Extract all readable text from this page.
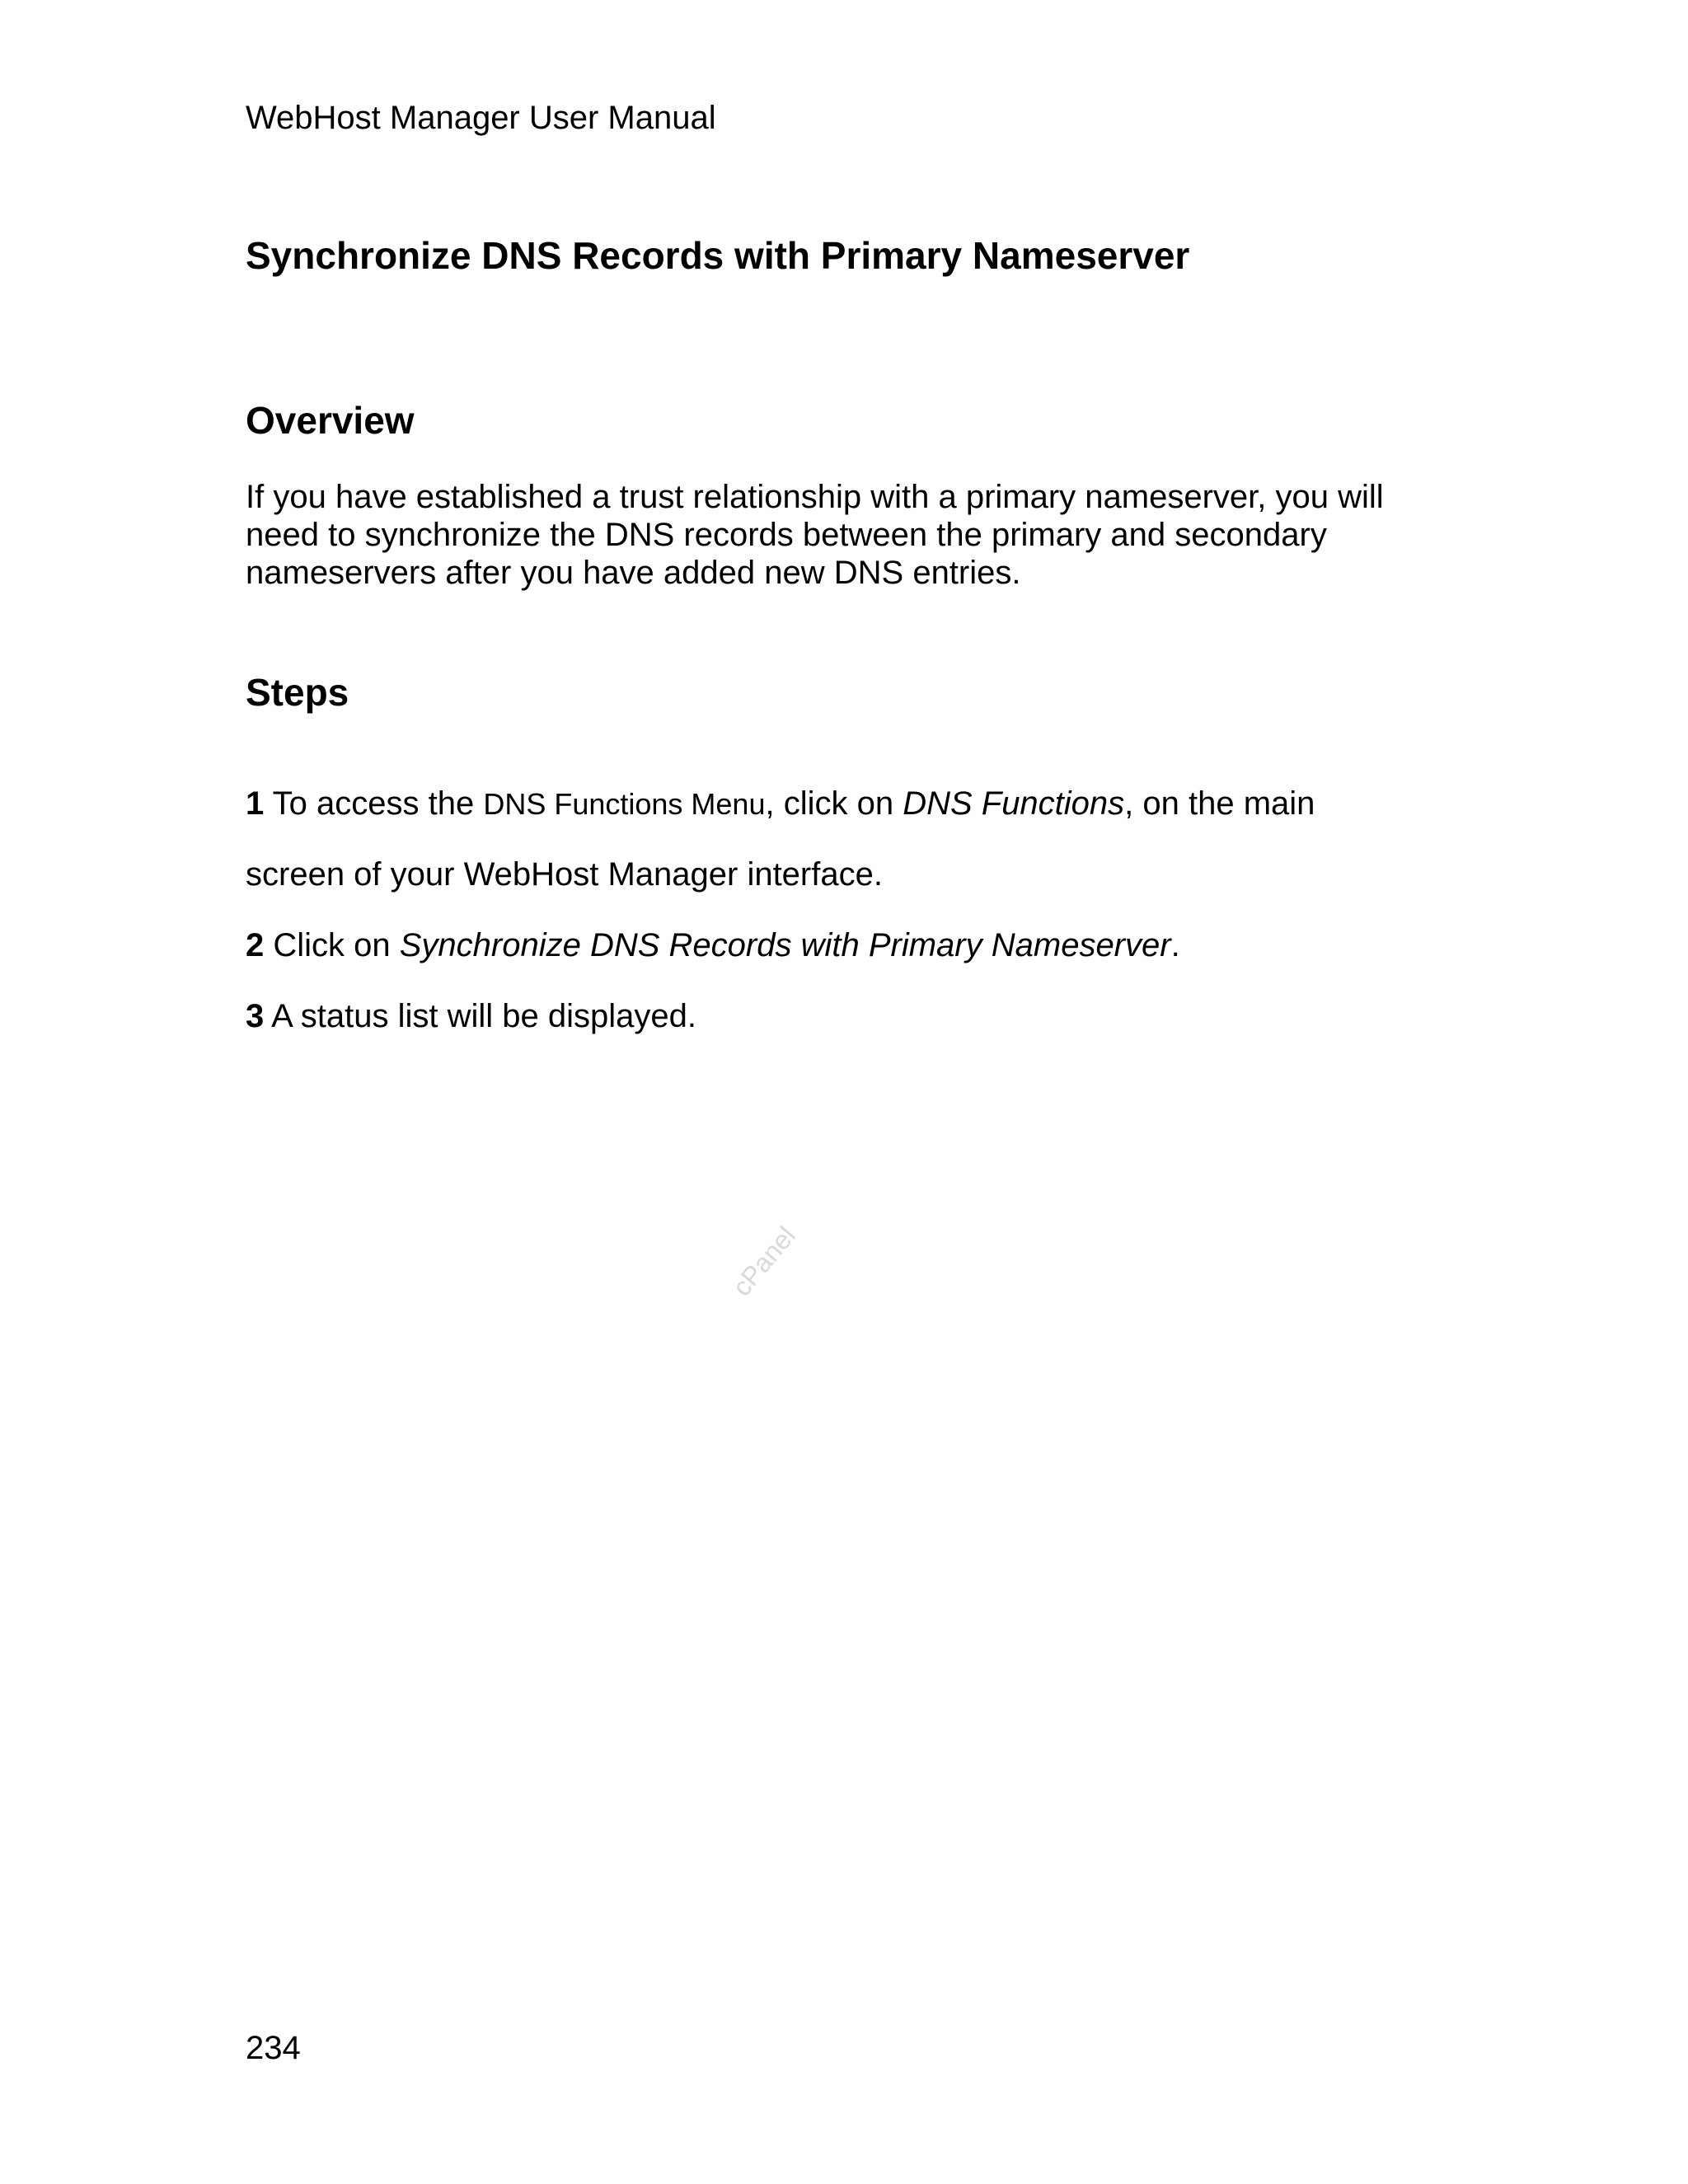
WebHost Manager User Manual
Synchronize DNS Records with Primary Nameserver
Overview
If you have established a trust relationship with a primary nameserver, you will
need to synchronize the DNS records between the primary and secondary
nameservers after you have added new DNS entries.
Steps
1 To access the DNS Functions Menu, click on DNS Functions, on the main
screen of your WebHost Manager interface.
2 Click on Synchronize DNS Records with Primary Nameserver.
3 A status list will be displayed.
cPanel
234
